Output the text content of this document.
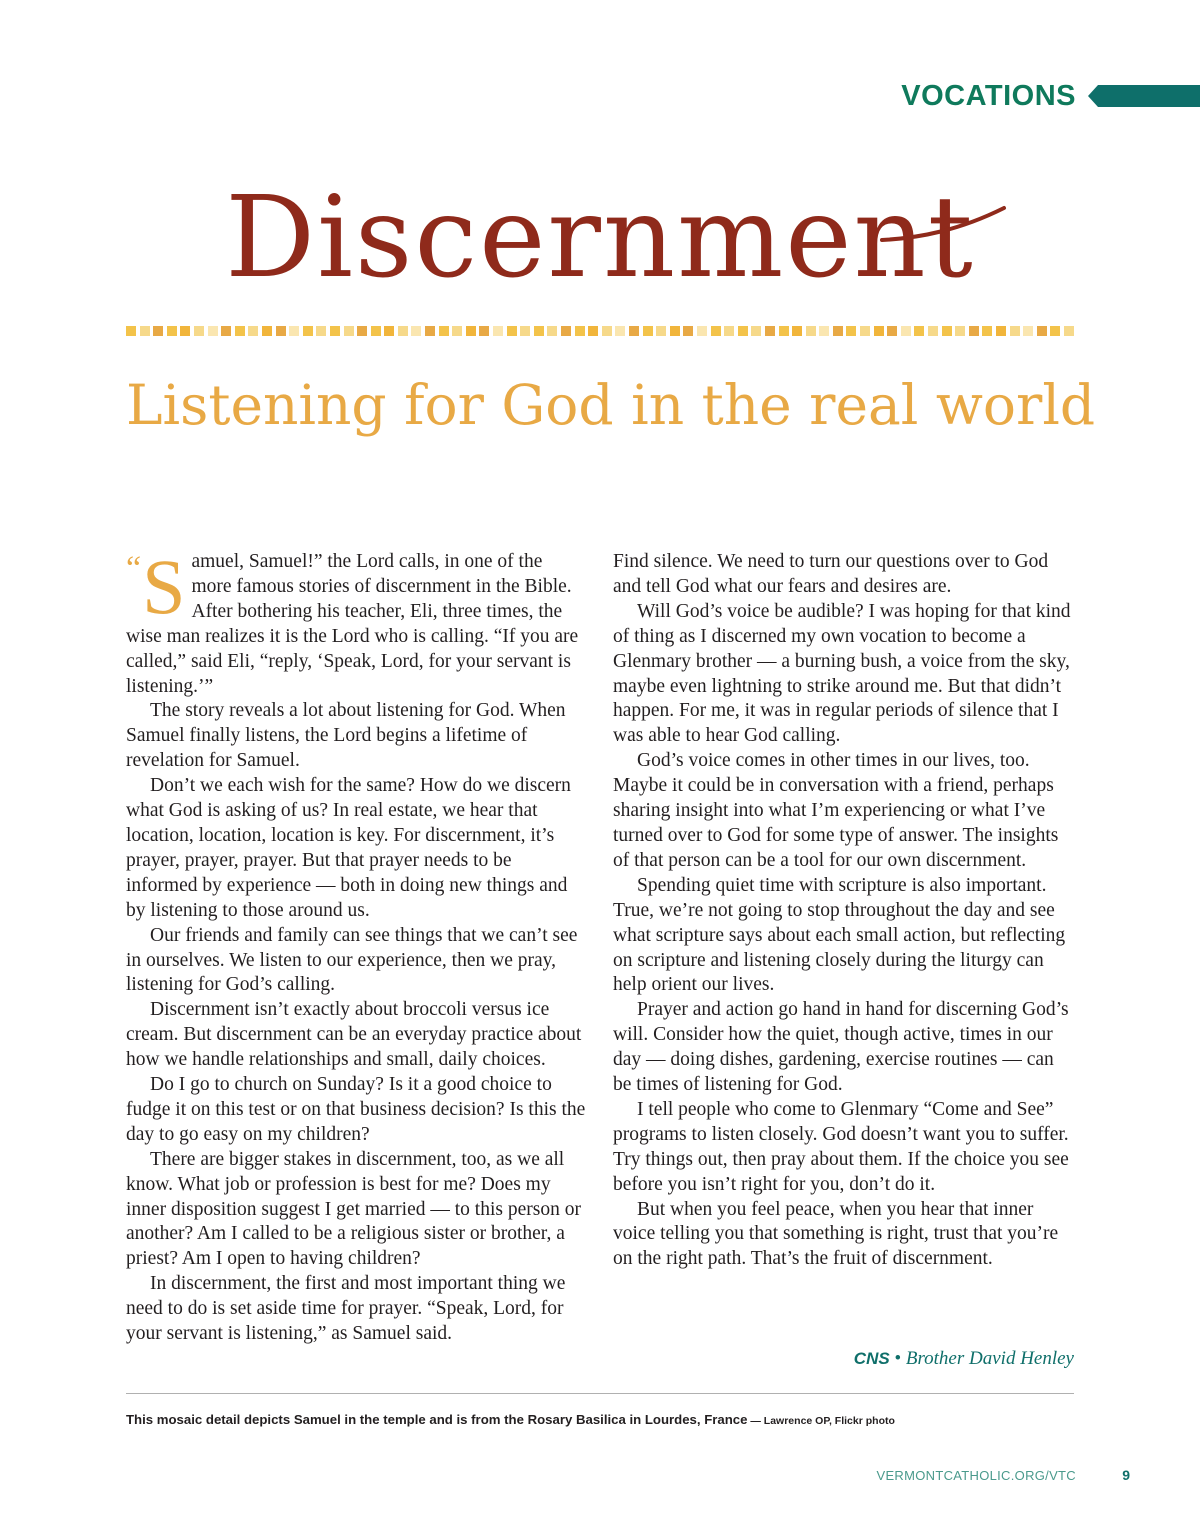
VOCATIONS
Discernment
Listening for God in the real world

“ S amuel, Samuel!” the Lord calls, in one of the more famous stories of discernment in the Bible. After bothering his teacher, Eli, three times, the wise man realizes it is the Lord who is calling. “If you are called,” said Eli, “reply, ‘Speak, Lord, for your servant is listening.’”

The story reveals a lot about listening for God. When Samuel finally listens, the Lord begins a lifetime of revelation for Samuel.

Don’t we each wish for the same? How do we discern what God is asking of us? In real estate, we hear that location, location, location is key. For discernment, it’s prayer, prayer, prayer. But that prayer needs to be informed by experience — both in doing new things and by listening to those around us.

Our friends and family can see things that we can’t see in ourselves. We listen to our experience, then we pray, listening for God’s calling.

Discernment isn’t exactly about broccoli versus ice cream. But discernment can be an everyday practice about how we handle relationships and small, daily choices.

Do I go to church on Sunday? Is it a good choice to fudge it on this test or on that business decision? Is this the day to go easy on my children?

There are bigger stakes in discernment, too, as we all know. What job or profession is best for me? Does my inner disposition suggest I get married — to this person or another? Am I called to be a religious sister or brother, a priest? Am I open to having children?

In discernment, the first and most important thing we need to do is set aside time for prayer. “Speak, Lord, for your servant is listening,” as Samuel said.

Find silence. We need to turn our questions over to God and tell God what our fears and desires are.

Will God’s voice be audible? I was hoping for that kind of thing as I discerned my own vocation to become a Glenmary brother — a burning bush, a voice from the sky, maybe even lightning to strike around me. But that didn’t happen. For me, it was in regular periods of silence that I was able to hear God calling.

God’s voice comes in other times in our lives, too. Maybe it could be in conversation with a friend, perhaps sharing insight into what I’m experiencing or what I’ve turned over to God for some type of answer. The insights of that person can be a tool for our own discernment.

Spending quiet time with scripture is also important. True, we’re not going to stop throughout the day and see what scripture says about each small action, but reflecting on scripture and listening closely during the liturgy can help orient our lives.

Prayer and action go hand in hand for discerning God’s will. Consider how the quiet, though active, times in our day — doing dishes, gardening, exercise routines — can be times of listening for God.

I tell people who come to Glenmary “Come and See” programs to listen closely. God doesn’t want you to suffer. Try things out, then pray about them. If the choice you see before you isn’t right for you, don’t do it.

But when you feel peace, when you hear that inner voice telling you that something is right, trust that you’re on the right path. That’s the fruit of discernment.

CNS • Brother David Henley
This mosaic detail depicts Samuel in the temple and is from the Rosary Basilica in Lourdes, France — Lawrence OP, Flickr photo
VERMONTCATHOLIC.ORG/VTC	9
